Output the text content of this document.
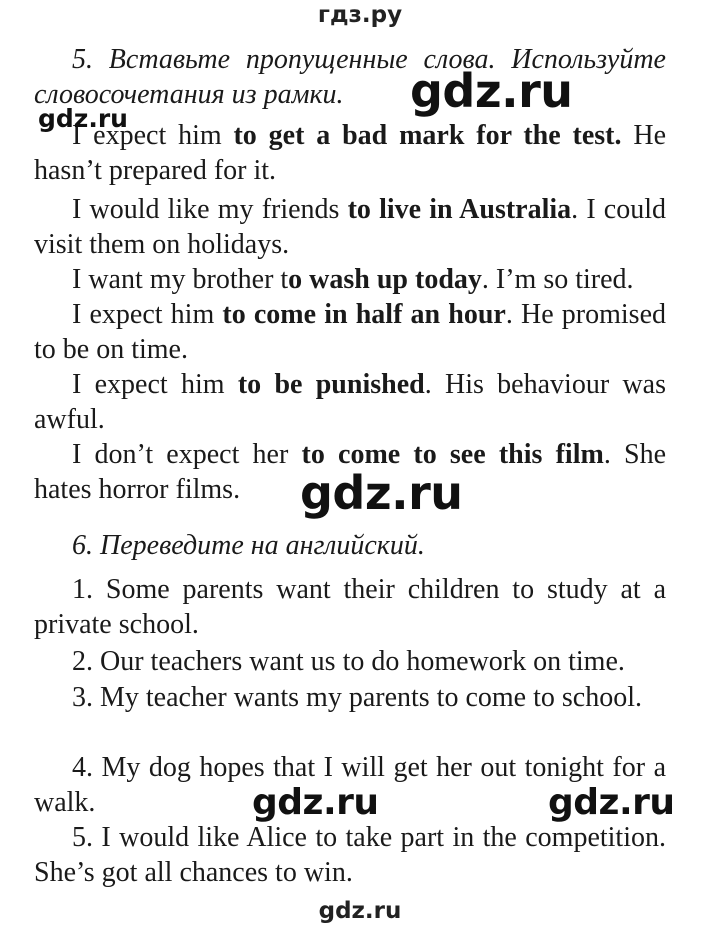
гдз.ру

5. Вставьте пропущенные слова. Используйте словосочетания из рамки.

I expect him to get a bad mark for the test. He hasn’t prepared for it.

I would like my friends to live in Australia. I could visit them on holidays.

I want my brother to wash up today. I’m so tired.

I expect him to come in half an hour. He promised to be on time.

I expect him to be punished. His behaviour was awful.

I don’t expect her to come to see this film. She hates horror films.

6. Переведите на английский.

1. Some parents want their children to study at a private school.

2. Our teachers want us to do homework on time.

3. My teacher wants my parents to come to school.

4. My dog hopes that I will get her out tonight for a walk.

5. I would like Alice to take part in the competition. She’s got all chances to win.

gdz.ru
gdz.ru
gdz.ru
gdz.ru	gdz.ru
gdz.ru
